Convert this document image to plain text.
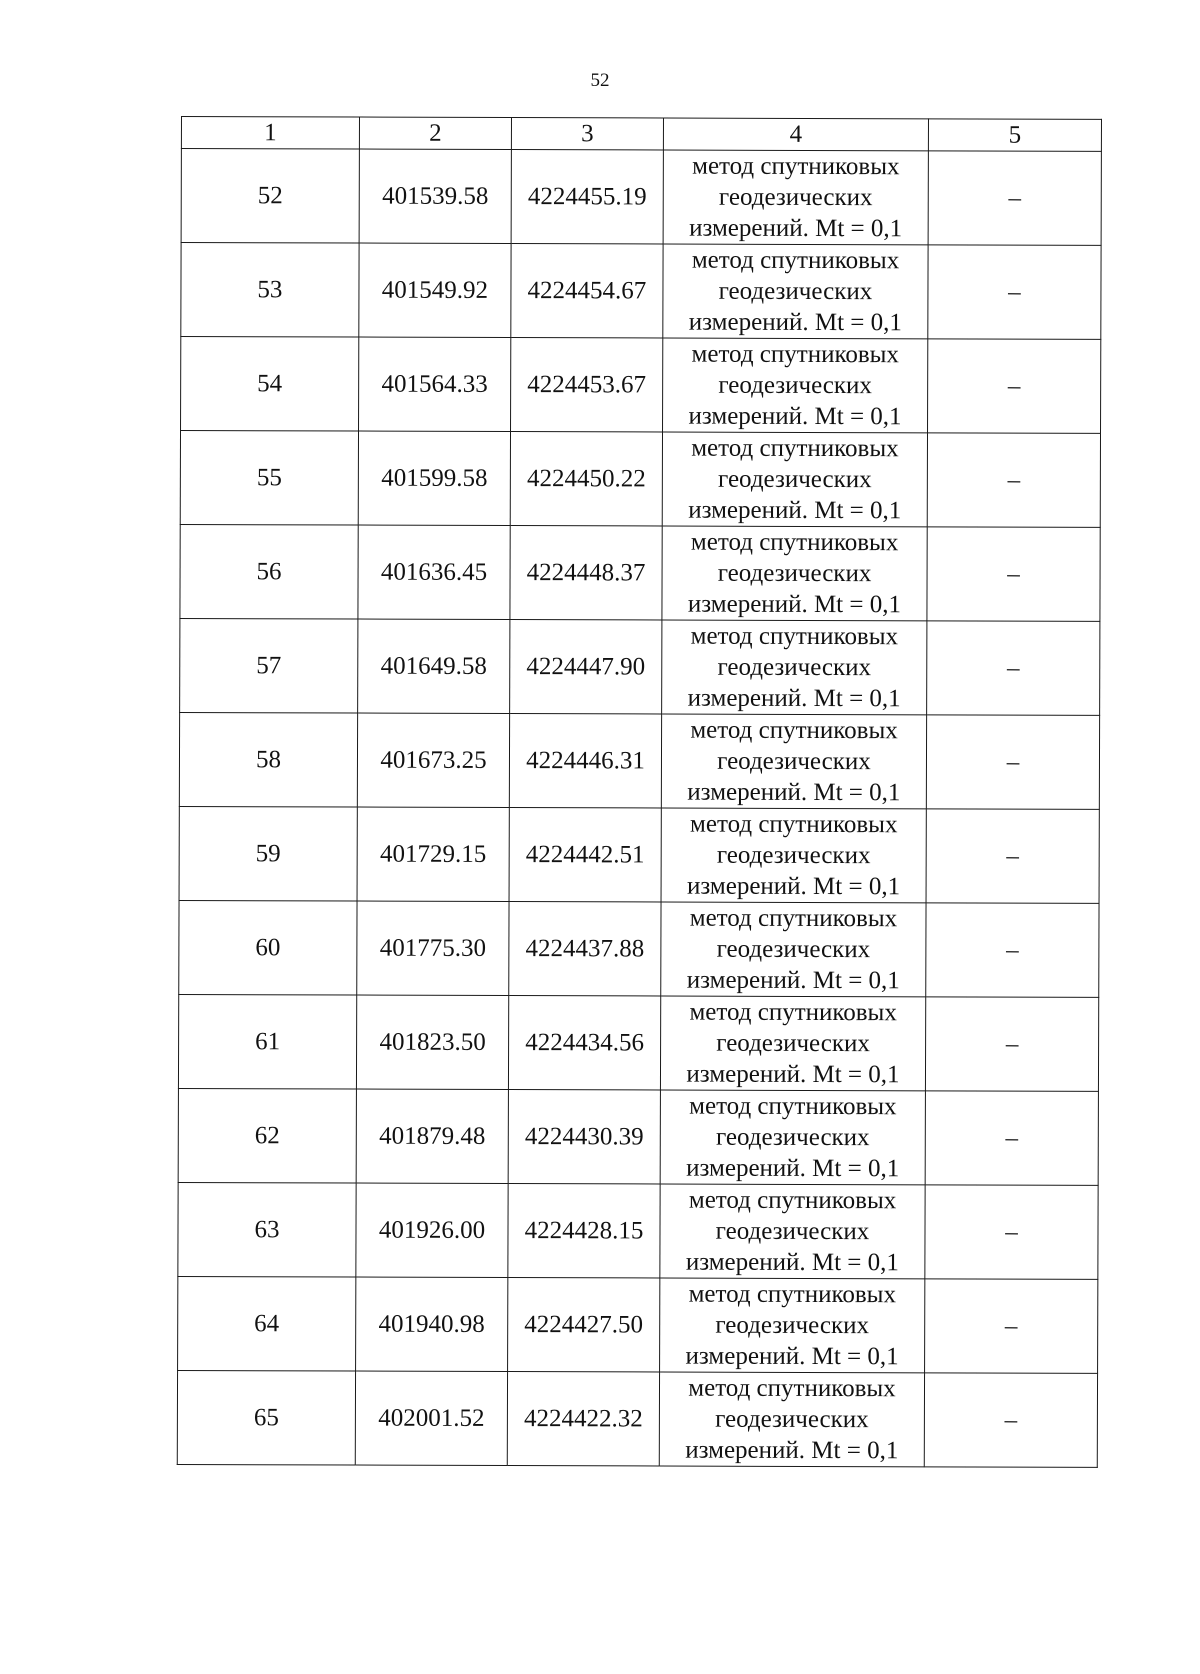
52
1	2	3	4	5
52	401539.58	4224455.19	метод спутниковых
геодезических
измерений. Mt = 0,1	–
53	401549.92	4224454.67	метод спутниковых
геодезических
измерений. Mt = 0,1	–
54	401564.33	4224453.67	метод спутниковых
геодезических
измерений. Mt = 0,1	–
55	401599.58	4224450.22	метод спутниковых
геодезических
измерений. Mt = 0,1	–
56	401636.45	4224448.37	метод спутниковых
геодезических
измерений. Mt = 0,1	–
57	401649.58	4224447.90	метод спутниковых
геодезических
измерений. Mt = 0,1	–
58	401673.25	4224446.31	метод спутниковых
геодезических
измерений. Mt = 0,1	–
59	401729.15	4224442.51	метод спутниковых
геодезических
измерений. Mt = 0,1	–
60	401775.30	4224437.88	метод спутниковых
геодезических
измерений. Mt = 0,1	–
61	401823.50	4224434.56	метод спутниковых
геодезических
измерений. Mt = 0,1	–
62	401879.48	4224430.39	метод спутниковых
геодезических
измерений. Mt = 0,1	–
63	401926.00	4224428.15	метод спутниковых
геодезических
измерений. Mt = 0,1	–
64	401940.98	4224427.50	метод спутниковых
геодезических
измерений. Mt = 0,1	–
65	402001.52	4224422.32	метод спутниковых
геодезических
измерений. Mt = 0,1	–
